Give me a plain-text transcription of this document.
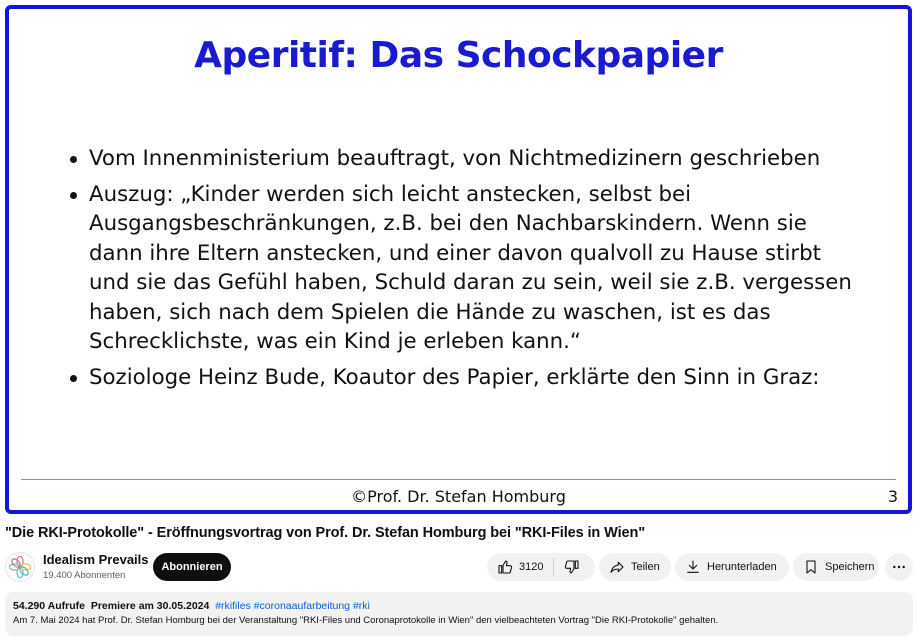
Aperitif: Das Schockpapier
Vom Innenministerium beauftragt, von Nichtmedizinern geschrieben
Auszug: „Kinder werden sich leicht anstecken, selbst bei Ausgangsbeschränkungen, z.B. bei den Nachbarskindern. Wenn sie dann ihre Eltern anstecken, und einer davon qualvoll zu Hause stirbt und sie das Gefühl haben, Schuld daran zu sein, weil sie z.B. vergessen haben, sich nach dem Spielen die Hände zu waschen, ist es das Schrecklichste, was ein Kind je erleben kann.“
Soziologe Heinz Bude, Koautor des Papier, erklärte den Sinn in Graz:
©Prof. Dr. Stefan Homburg	3
"Die RKI-Protokolle" - Eröffnungsvortrag von Prof. Dr. Stefan Homburg bei "RKI-Files in Wien"
Idealism Prevails
19.400 Abonnenten
Abonnieren	3120	Teilen	Herunterladen	Speichern
54.290 Aufrufe Premiere am 30.05.2024 #rkifiles #coronaaufarbeitung #rki
Am 7. Mai 2024 hat Prof. Dr. Stefan Homburg bei der Veranstaltung "RKI-Files und Coronaprotokolle in Wien" den vielbeachteten Vortrag "Die RKI-Protokolle" gehalten.
